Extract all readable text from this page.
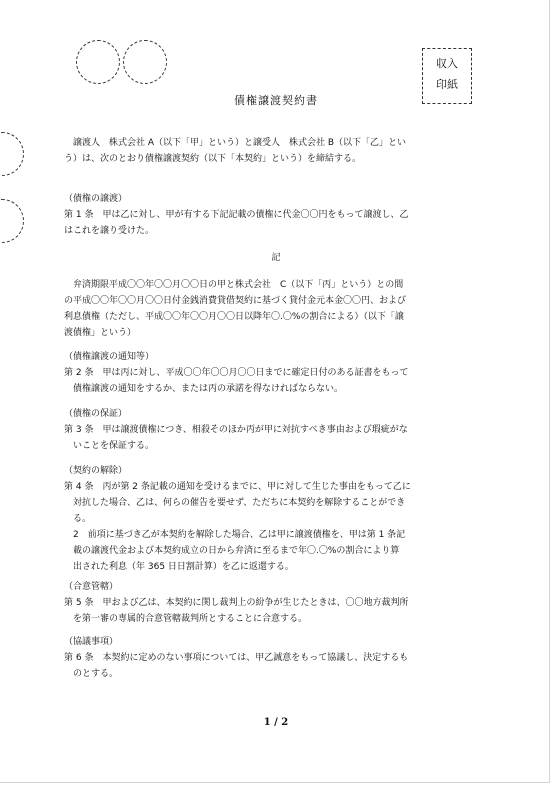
収入
印紙
債権譲渡契約書
　譲渡人　株式会社 A（以下「甲」という）と譲受人　株式会社 B（以下「乙」とい
う）は、次のとおり債権譲渡契約（以下「本契約」という）を締結する。
（債権の譲渡）
第 1 条　甲は乙に対し、甲が有する下記記載の債権に代金〇〇円をもって譲渡し、乙
はこれを譲り受けた。
記
　弁済期限平成〇〇年〇〇月〇〇日の甲と株式会社　C（以下「丙」という）との間
の平成〇〇年〇〇月〇〇日付金銭消費貸借契約に基づく貸付金元本金〇〇円、および
利息債権（ただし、平成〇〇年〇〇月〇〇日以降年〇.〇%の割合による）（以下「譲
渡債権」という）
（債権譲渡の通知等）
第 2 条　甲は丙に対し、平成〇〇年〇〇月〇〇日までに確定日付のある証書をもって
　債権譲渡の通知をするか、または丙の承諾を得なければならない。
（債権の保証）
第 3 条　甲は譲渡債権につき、相殺そのほか丙が甲に対抗すべき事由および瑕疵がな
　いことを保証する。
（契約の解除）
第 4 条　丙が第 2 条記載の通知を受けるまでに、甲に対して生じた事由をもって乙に
　対抗した場合、乙は、何らの催告を要せず、ただちに本契約を解除することができ
　る。
　2　前項に基づき乙が本契約を解除した場合、乙は甲に譲渡債権を、甲は第 1 条記
　載の譲渡代金および本契約成立の日から弁済に至るまで年〇.〇%の割合により算
　出された利息（年 365 日日割計算）を乙に返還する。
（合意管轄）
第 5 条　甲および乙は、本契約に関し裁判上の紛争が生じたときは、〇〇地方裁判所
　を第一審の専属的合意管轄裁判所とすることに合意する。
（協議事項）
第 6 条　本契約に定めのない事項については、甲乙誠意をもって協議し、決定するも
　のとする。
1 / 2
